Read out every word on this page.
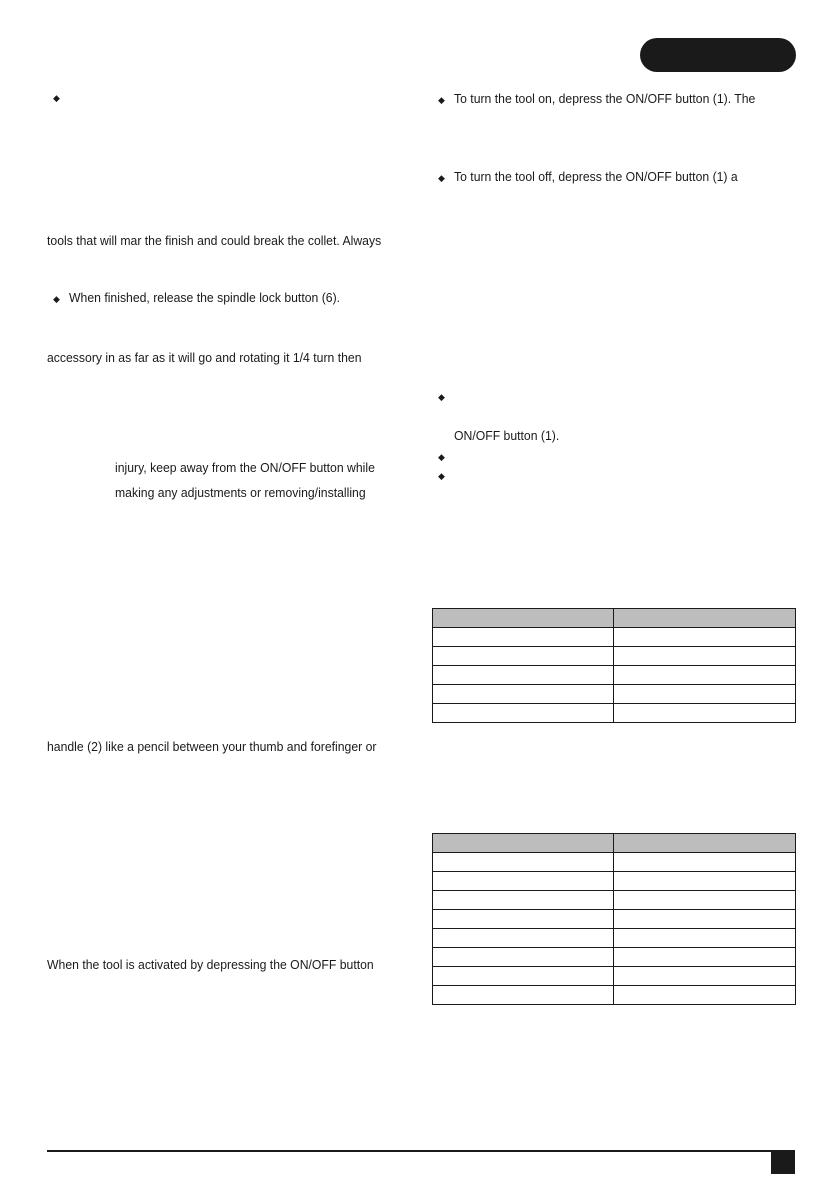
◆
tools that will mar the finish and could break the collet. Always
◆ When finished, release the spindle lock button (6).
accessory in as far as it will go and rotating it 1/4 turn then
injury, keep away from the ON/OFF button while
making any adjustments or removing/installing
handle (2) like a pencil between your thumb and forefinger or
When the tool is activated by depressing the ON/OFF button
◆ To turn the tool on, depress the ON/OFF button (1). The
◆ To turn the tool off, depress the ON/OFF button (1) a
◆
ON/OFF button (1).
◆
◆
